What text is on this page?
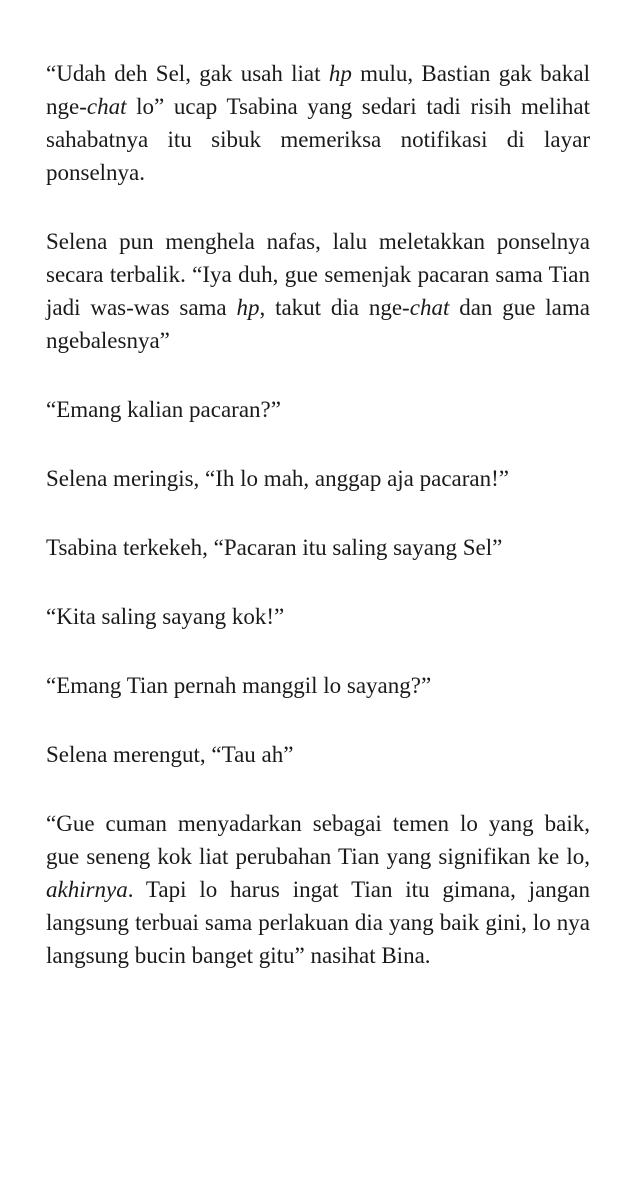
“Udah deh Sel, gak usah liat hp mulu, Bastian gak bakal nge-chat lo” ucap Tsabina yang sedari tadi risih melihat sahabatnya itu sibuk memeriksa notifikasi di layar ponselnya.

Selena pun menghela nafas, lalu meletakkan ponselnya secara terbalik. “Iya duh, gue semenjak pacaran sama Tian jadi was-was sama hp, takut dia nge-chat dan gue lama ngebalesnya”

“Emang kalian pacaran?”

Selena meringis, “Ih lo mah, anggap aja pacaran!”

Tsabina terkekeh, “Pacaran itu saling sayang Sel”

“Kita saling sayang kok!”

“Emang Tian pernah manggil lo sayang?”

Selena merengut, “Tau ah”

“Gue cuman menyadarkan sebagai temen lo yang baik, gue seneng kok liat perubahan Tian yang signifikan ke lo, akhirnya. Tapi lo harus ingat Tian itu gimana, jangan langsung terbuai sama perlakuan dia yang baik gini, lo nya langsung bucin banget gitu” nasihat Bina.
